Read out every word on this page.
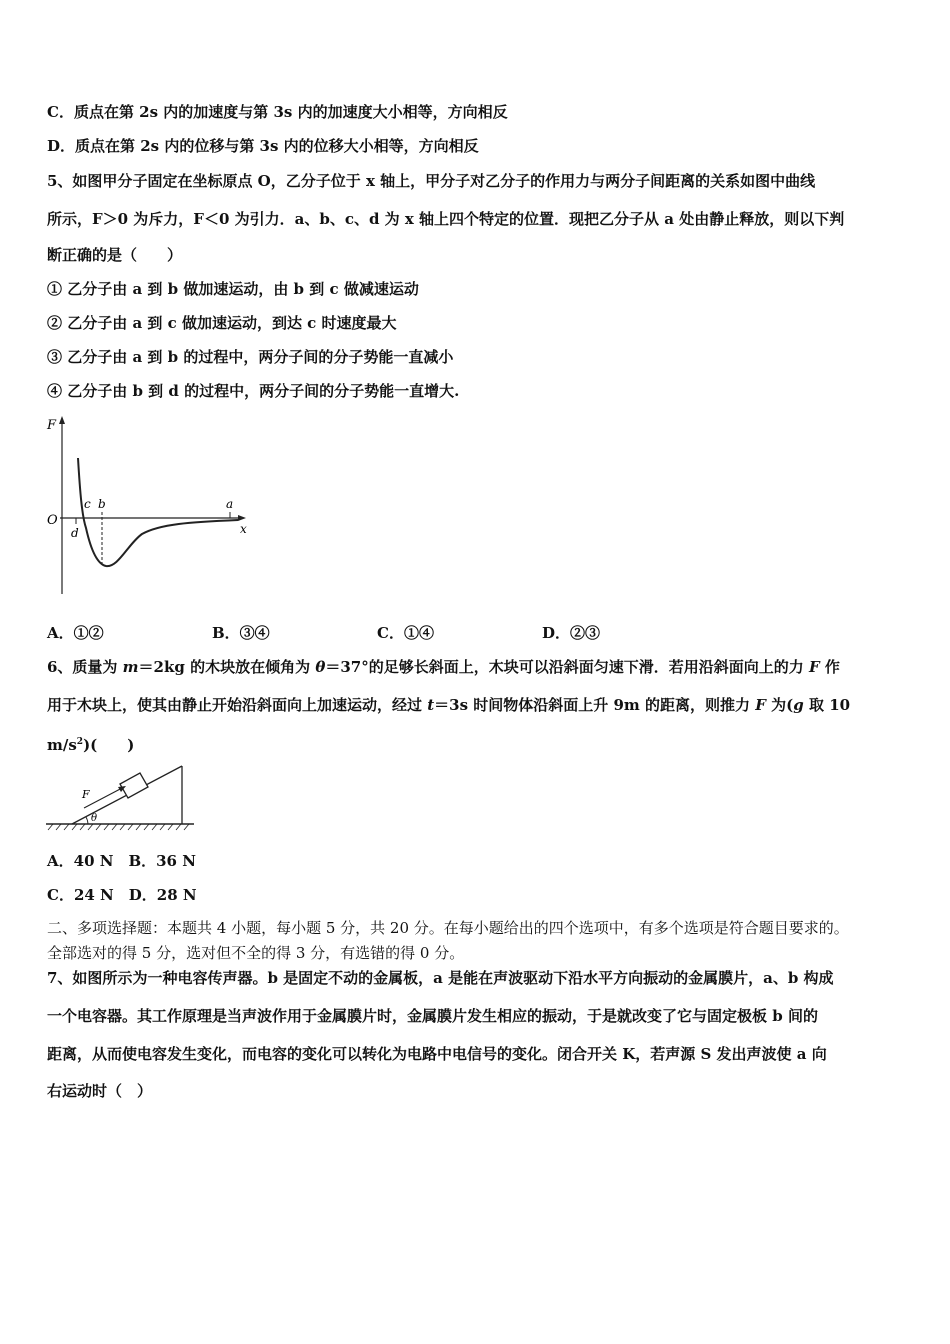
C．质点在第 2s 内的加速度与第 3s 内的加速度大小相等，方向相反
D．质点在第 2s 内的位移与第 3s 内的位移大小相等，方向相反
5、如图甲分子固定在坐标原点 O，乙分子位于 x 轴上，甲分子对乙分子的作用力与两分子间距离的关系如图中曲线
所示，F＞0 为斥力，F＜0 为引力．a、b、c、d 为 x 轴上四个特定的位置．现把乙分子从 a 处由静止释放，则以下判
断正确的是（　　）
① 乙分子由 a 到 b 做加速运动，由 b 到 c 做减速运动
② 乙分子由 a 到 c 做加速运动，到达 c 时速度最大
③ 乙分子由 a 到 b 的过程中，两分子间的分子势能一直减小
④ 乙分子由 b 到 d 的过程中，两分子间的分子势能一直增大.
F
O
x
a
b
c
d
A．①②	B．③④	C．①④	D．②③
6、质量为 m＝2kg 的木块放在倾角为 θ＝37°的足够长斜面上，木块可以沿斜面匀速下滑．若用沿斜面向上的力 F 作
用于木块上，使其由静止开始沿斜面向上加速运动，经过 t＝3s 时间物体沿斜面上升 9m 的距离，则推力 F 为(g 取 10
$m/s^2$)(　　)
F
θ
A．40 N　B．36 N
C．24 N　D．28 N
二、多项选择题：本题共 4 小题，每小题 5 分，共 20 分。在每小题给出的四个选项中，有多个选项是符合题目要求的。
全部选对的得 5 分，选对但不全的得 3 分，有选错的得 0 分。
7、如图所示为一种电容传声器。b 是固定不动的金属板，a 是能在声波驱动下沿水平方向振动的金属膜片，a、b 构成
一个电容器。其工作原理是当声波作用于金属膜片时，金属膜片发生相应的振动，于是就改变了它与固定极板 b 间的
距离，从而使电容发生变化，而电容的变化可以转化为电路中电信号的变化。闭合开关 K，若声源 S 发出声波使 a 向
右运动时（　）
